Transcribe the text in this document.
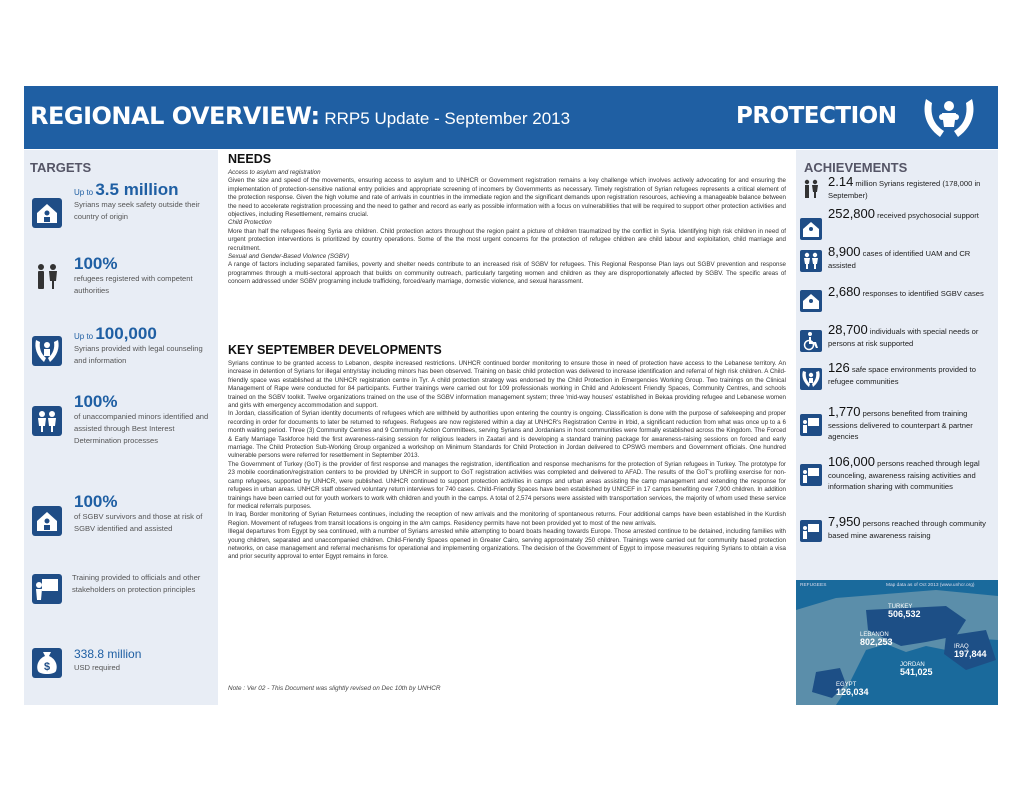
REGIONAL OVERVIEW: RRP5 Update - September 2013	PROTECTION
TARGETS
Up to 3.5 million
Syrians may seek safety outside their country of origin
100%
refugees registered with competent authorities
Up to 100,000
Syrians provided with legal counseling and information
100%
of unaccompanied minors identified and assisted through Best Interest Determination processes
100%
of SGBV survivors and those at risk of SGBV identified and assisted
Training provided to officials and other stakeholders on protection principles
$
338.8 million
USD required
NEEDS
Access to asylum and registration
Given the size and speed of the movements, ensuring access to asylum and to UNHCR or Government registration remains a key challenge which involves actively advocating for and ensuring the implementation of protection-sensitive national entry policies and appropriate screening of incomers by Governments as necessary. Timely registration of Syrian refugees represents a critical element of the protection response. Given the high volume and rate of arrivals in countries in the immediate region and the significant demands upon registration resources, achieving a manageable balance between the need to accelerate registration processing and the need to gather and record as early as possible information with a focus on vulnerabilities that will be required to support other protection activities and objectives, including Resettlement, remains crucial.
Child Protection
More than half the refugees fleeing Syria are children. Child protection actors throughout the region paint a picture of children traumatized by the conflict in Syria. Identifying high risk children in need of urgent protection interventions is prioritized by country operations. Some of the the most urgent concerns for the protection of refugee children are child labour and exploitation, child marriage and recruitment.
Sexual and Gender-Based Violence (SGBV)
A range of factors including separated families, poverty and shelter needs contribute to an increased risk of SGBV for refugees. This Regional Response Plan lays out SGBV prevention and response programmes through a multi-sectoral approach that builds on community outreach, particularly targeting women and children as they are disproportionately affected by SGBV. The specific areas of concern addressed under SGBV programing include trafficking, forced/early marriage, domestic violence, and sexual harassment.
KEY SEPTEMBER DEVELOPMENTS
Syrians continue to be granted access to Lebanon, despite increased restrictions. UNHCR continued border monitoring to ensure those in need of protection have access to the Lebanese territory. An increase in detention of Syrians for illegal entry/stay including minors has been observed. Training on basic child protection was delivered to increase identification and referral of high risk children. A Child-friendly space was established at the UNHCR registration centre in Tyr. A child protection strategy was endorsed by the Child Protection in Emergencies Working Group. Two trainings on the Clinical Management of Rape were conducted for 84 participants. Further trainings were carried out for 109 professionals working in Child and Adolescent Friendly Spaces, Community Centres, and schools trained on the SGBV toolkit. Twelve organizations trained on the use of the SGBV information management system; three 'mid-way houses' established in Bekaa providing refugee and Lebanese women and girls with emergency accommodation and support.
In Jordan, classification of Syrian identity documents of refugees which are withheld by authorities upon entering the country is ongoing. Classification is done with the purpose of safekeeping and proper recording in order for documents to later be returned to refugees. Refugees are now registered within a day at UNHCR's Registration Centre in Irbid, a significant reduction from what was once up to a 6 month waiting period. Three (3) Community Centres and 9 Community Action Committees, serving Syrians and Jordanians in host communities were formally established across the Kingdom. The Forced & Early Marriage Taskforce held the first awareness-raising session for religious leaders in Zaatari and is developing a standard training package for awareness-raising sessions on forced and early marriage. The Child Protection Sub-Working Group organized a workshop on Minimum Standards for Child Protection in Jordan delivered to CPSWG members and Government officials. One hundred vulnerable persons were referred for resettlement in September 2013.
The Government of Turkey (GoT) is the provider of first response and manages the registration, identification and response mechanisms for the protection of Syrian refugees in Turkey. The prototype for 23 mobile coordination/registration centers to be provided by UNHCR in support to GoT registration activities was completed and delivered to AFAD. The results of the GoT's profiling exercise for non-camp refugees, supported by UNHCR, were published. UNHCR continued to support protection activities in camps and urban areas assisting the camp management and extending the response for refugees in urban areas. UNHCR staff observed voluntary return interviews for 740 cases. Child-Friendly Spaces have been established by UNICEF in 17 camps benefiting over 7,900 children. In addition trainings have been carried out for youth workers to work with children and youth in the camps. A total of 2,574 persons were assisted with transportation services, the majority of whom used these service for medical referrals purposes.
In Iraq, Border monitoring of Syrian Returnees continues, including the reception of new arrivals and the monitoring of spontaneous returns. Four additional camps have been established in the Kurdish Region. Movement of refugees from transit locations is ongoing in the a/m camps. Residency permits have not been provided yet to most of the new arrivals.
Illegal departures from Egypt by sea continued, with a number of Syrians arrested while attempting to board boats heading towards Europe. Those arrested continue to be detained, including families with young children, separated and unaccompanied children. Child-Friendly Spaces opened in Greater Cairo, serving approximately 250 children. Trainings were carried out for community based protection networks, on case management and referral mechanisms for operational and implementing organizations. The decision of the Government of Egypt to impose measures requiring Syrians to obtain a visa and prior security approval to enter Egypt remains in force.
Note : Ver 02 - This Document was slightly revised on Dec 10th by UNHCR
ACHIEVEMENTS
2.14 million Syrians registered (178,000 in September)
252,800 received psychosocial support
8,900 cases of identified UAM and CR assisted
2,680 responses to identified SGBV cases
28,700 individuals with special needs or persons at risk supported
126 safe space environments provided to refugee communities
1,770 persons benefited from training sessions delivered to counterpart & partner agencies
106,000 persons reached through legal counceling, awareness raising activities and information sharing with communities
7,950 persons reached through community based mine awareness raising
REFUGEES	Map data as of Oct 2013 (www.unhcr.org)
TURKEY
506,532
LEBANON
802,253	IRAQ
197,844
JORDAN
541,025
EGYPT
126,034
